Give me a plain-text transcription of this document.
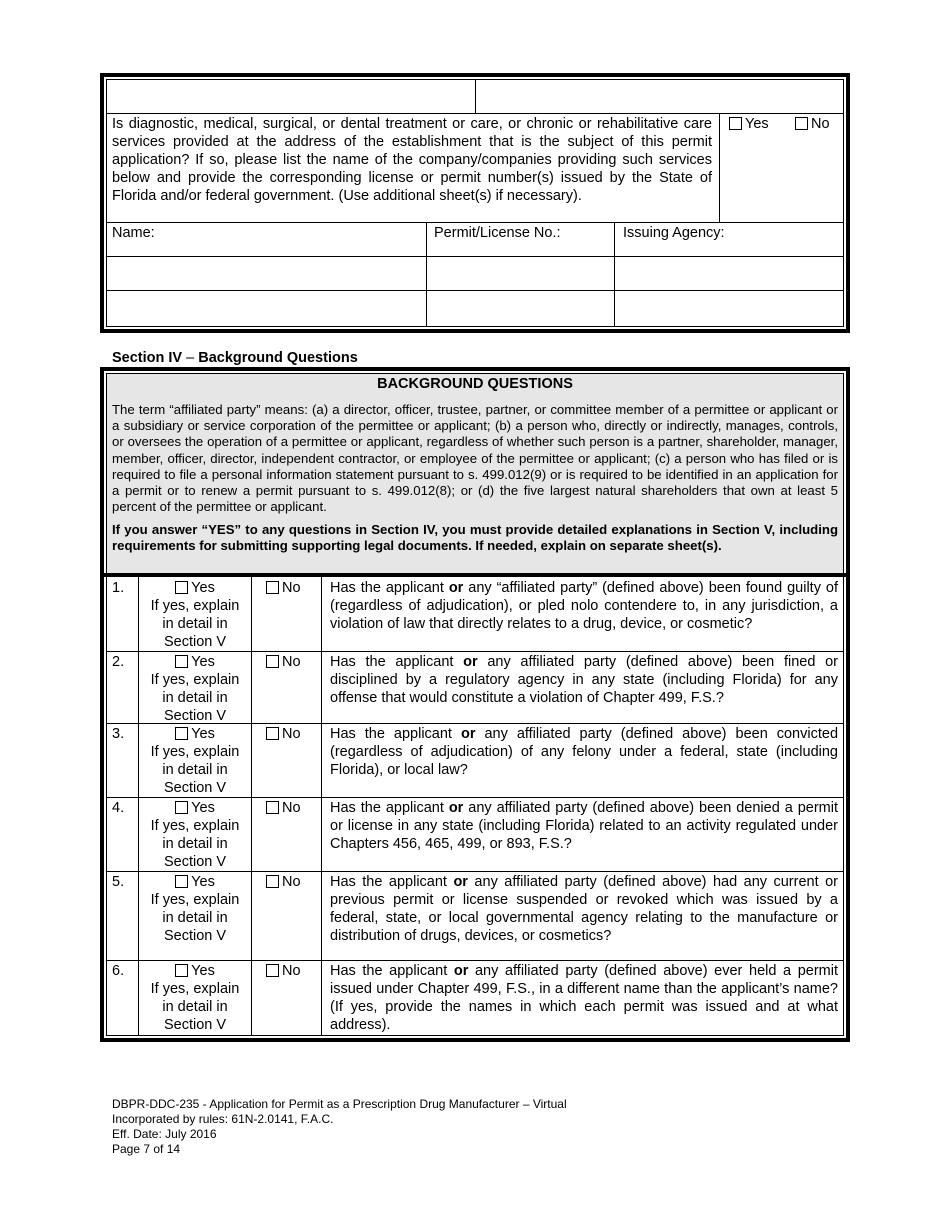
Is diagnostic, medical, surgical, or dental treatment or care, or chronic or rehabilitative care services provided at the address of the establishment that is the subject of this permit application? If so, please list the name of the company/companies providing such services below and provide the corresponding license or permit number(s) issued by the State of Florida and/or federal government. (Use additional sheet(s) if necessary).
Yes	No
Name:	Permit/License No.:	Issuing Agency:
Section IV – Background Questions
BACKGROUND QUESTIONS
The term “affiliated party” means: (a) a director, officer, trustee, partner, or committee member of a permittee or applicant or a subsidiary or service corporation of the permittee or applicant; (b) a person who, directly or indirectly, manages, controls, or oversees the operation of a permittee or applicant, regardless of whether such person is a partner, shareholder, manager, member, officer, director, independent contractor, or employee of the permittee or applicant; (c) a person who has filed or is required to file a personal information statement pursuant to s. 499.012(9) or is required to be identified in an application for a permit or to renew a permit pursuant to s. 499.012(8); or (d) the five largest natural shareholders that own at least 5 percent of the permittee or applicant.
If you answer “YES” to any questions in Section IV, you must provide detailed explanations in Section V, including requirements for submitting supporting legal documents. If needed, explain on separate sheet(s).
1.	Yes
If yes, explain
in detail in
Section V
No Has the applicant or any “affiliated party” (defined above) been found guilty of (regardless of adjudication), or pled nolo contendere to, in any jurisdiction, a violation of law that directly relates to a drug, device, or cosmetic?
2.	Yes
If yes, explain
in detail in
Section V
No Has the applicant or any affiliated party (defined above) been fined or disciplined by a regulatory agency in any state (including Florida) for any offense that would constitute a violation of Chapter 499, F.S.?
3.	Yes
If yes, explain
in detail in
Section V
No Has the applicant or any affiliated party (defined above) been convicted (regardless of adjudication) of any felony under a federal, state (including Florida), or local law?
4.	Yes
If yes, explain
in detail in
Section V
No Has the applicant or any affiliated party (defined above) been denied a permit or license in any state (including Florida) related to an activity regulated under Chapters 456, 465, 499, or 893, F.S.?
5.	Yes
If yes, explain
in detail in
Section V
No Has the applicant or any affiliated party (defined above) had any current or previous permit or license suspended or revoked which was issued by a federal, state, or local governmental agency relating to the manufacture or distribution of drugs, devices, or cosmetics?
6.	Yes
If yes, explain
in detail in
Section V
No Has the applicant or any affiliated party (defined above) ever held a permit issued under Chapter 499, F.S., in a different name than the applicant’s name? (If yes, provide the names in which each permit was issued and at what address).
DBPR-DDC-235 - Application for Permit as a Prescription Drug Manufacturer – Virtual
Incorporated by rules: 61N-2.0141, F.A.C.
Eff. Date: July 2016
Page 7 of 14
